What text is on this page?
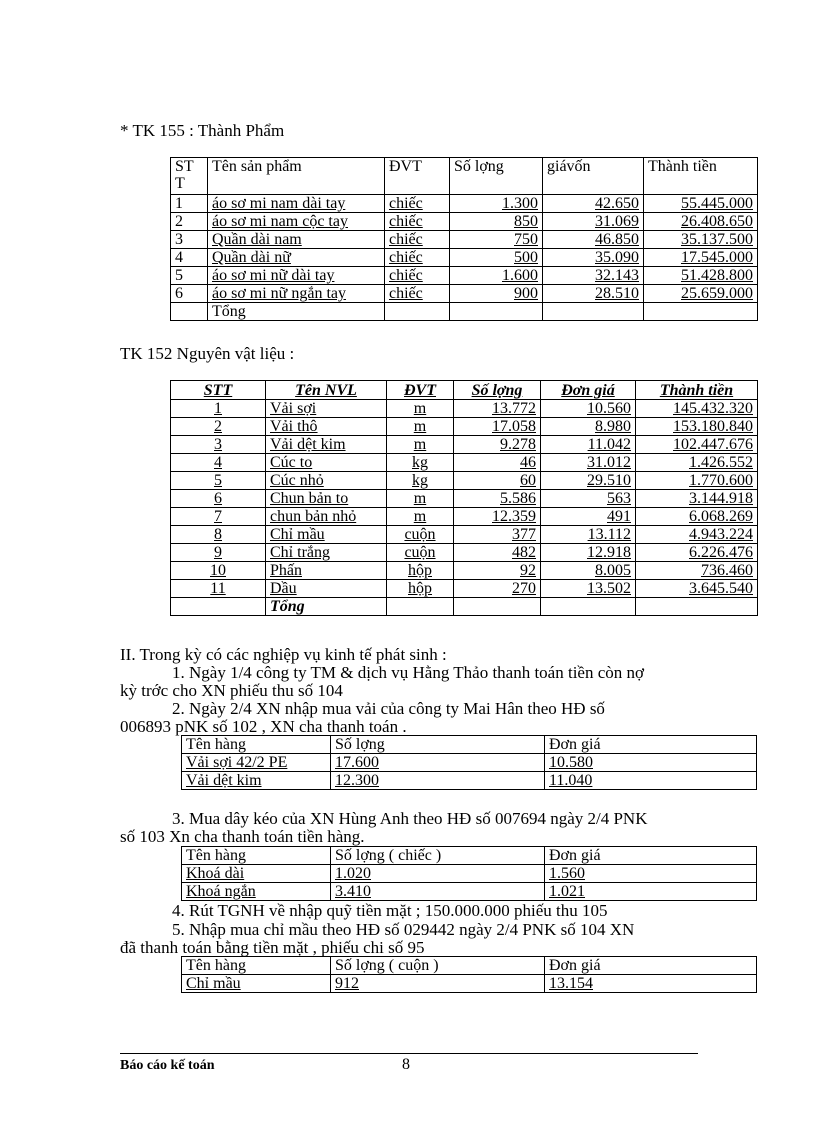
* TK 155 : Thành Phẩm
ST T	Tên sản phẩm	ĐVT	Số lợng	giávốn	Thành tiền
1	áo sơ mi nam dài tay	chiếc	1.300	42.650	55.445.000
2	áo sơ mi nam cộc tay	chiếc	850	31.069	26.408.650
3	Quần dài nam	chiếc	750	46.850	35.137.500
4	Quần dài nữ	chiếc	500	35.090	17.545.000
5	áo sơ mi nữ dài tay	chiếc	1.600	32.143	51.428.800
6	áo sơ mi nữ ngắn tay	chiếc	900	28.510	25.659.000
	Tổng				
TK 152 Nguyên vật liệu :
STT	Tên NVL	ĐVT	Số lợng	Đơn giá	Thành tiền
1	Vải sợi	m	13.772	10.560	145.432.320
2	Vải thô	m	17.058	8.980	153.180.840
3	Vải dệt kim	m	9.278	11.042	102.447.676
4	Cúc to	kg	46	31.012	1.426.552
5	Cúc nhỏ	kg	60	29.510	1.770.600
6	Chun bản to	m	5.586	563	3.144.918
7	chun bản nhỏ	m	12.359	491	6.068.269
8	Chỉ mầu	cuộn	377	13.112	4.943.224
9	Chỉ trắng	cuộn	482	12.918	6.226.476
10	Phấn	hộp	92	8.005	736.460
11	Dầu	hộp	270	13.502	3.645.540
	Tổng				
II. Trong kỳ có các nghiệp vụ kinh tế phát sinh :
1. Ngày 1/4 công ty TM & dịch vụ Hằng Thảo thanh toán tiền còn nợ
kỳ trớc cho XN phiếu thu số 104
2. Ngày 2/4 XN nhập mua vải của công ty Mai Hân theo HĐ số
006893 pNK số 102 , XN cha thanh toán .
Tên hàng	Số lợng	Đơn giá
Vải sợi 42/2 PE	17.600	10.580
Vải dệt kim	12.300	11.040
3. Mua dây kéo của XN Hùng Anh theo HĐ số 007694 ngày 2/4 PNK
số 103 Xn cha thanh toán tiền hàng.
Tên hàng	Số lợng ( chiếc )	Đơn giá
Khoá dài	1.020	1.560
Khoá ngắn	3.410	1.021
4. Rút TGNH về nhập quỹ tiền mặt ; 150.000.000 phiếu thu 105
5. Nhập mua chỉ mầu theo HĐ số 029442 ngày 2/4 PNK số 104 XN
đã thanh toán bằng tiền mặt , phiếu chi số 95
Tên hàng	Số lợng ( cuộn )	Đơn giá
Chỉ mầu	912	13.154
Báo cáo kế toán	8
